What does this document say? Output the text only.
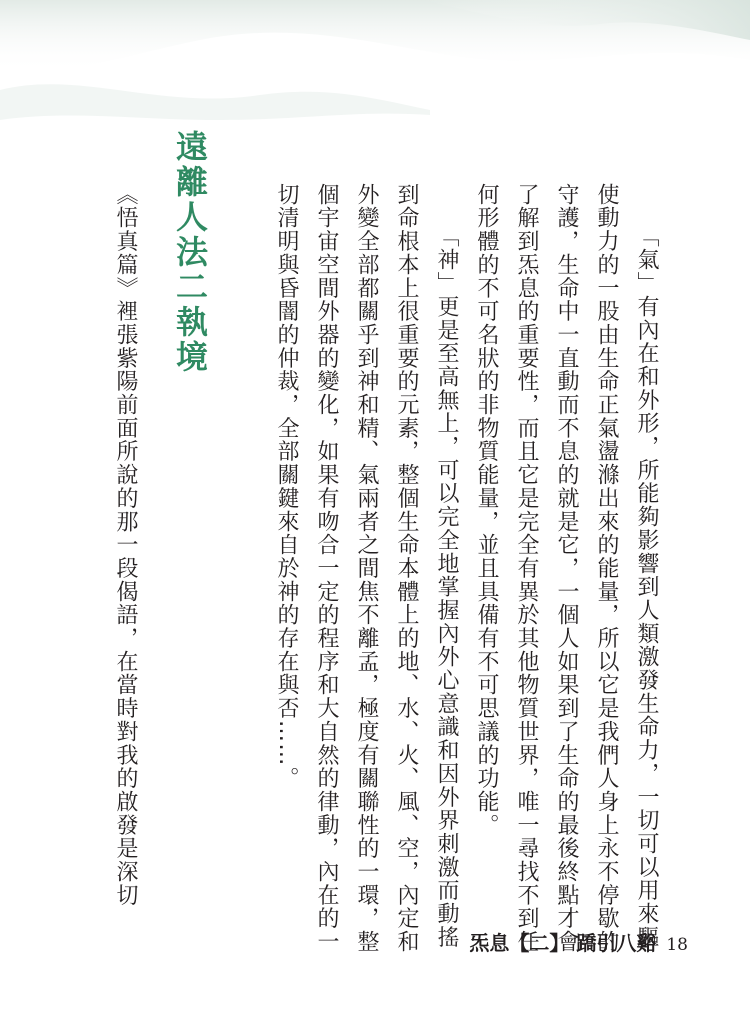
「氣」有內在和外形，所能夠影響到人類激發生命力，一切可以用來驅
使動力的一股由生命正氣盪滌出來的能量，所以它是我們人身上永不停歇的
守護，生命中一直動而不息的就是它，一個人如果到了生命的最後終點才會
了解到炁息的重要性，而且它是完全有異於其他物質世界，唯一尋找不到任
何形體的不可名狀的非物質能量，並且具備有不可思議的功能。
「神」更是至高無上，可以完全地掌握內外心意識和因外界刺激而動搖
到命根本上很重要的元素，整個生命本體上的地、水、火、風、空，內定和
外變全部都關乎到神和精、氣兩者之間焦不離孟，極度有關聯性的一環，整
個宇宙空間外器的變化，如果有吻合一定的程序和大自然的律動，內在的一
切清明與昏闇的仲裁，全部關鍵來自於神的存在與否……。
遠離人法二執境
《悟真篇》裡張紫陽前面所說的那一段偈語，在當時對我的啟發是深切
炁息【二】 蹻引八谿 18
